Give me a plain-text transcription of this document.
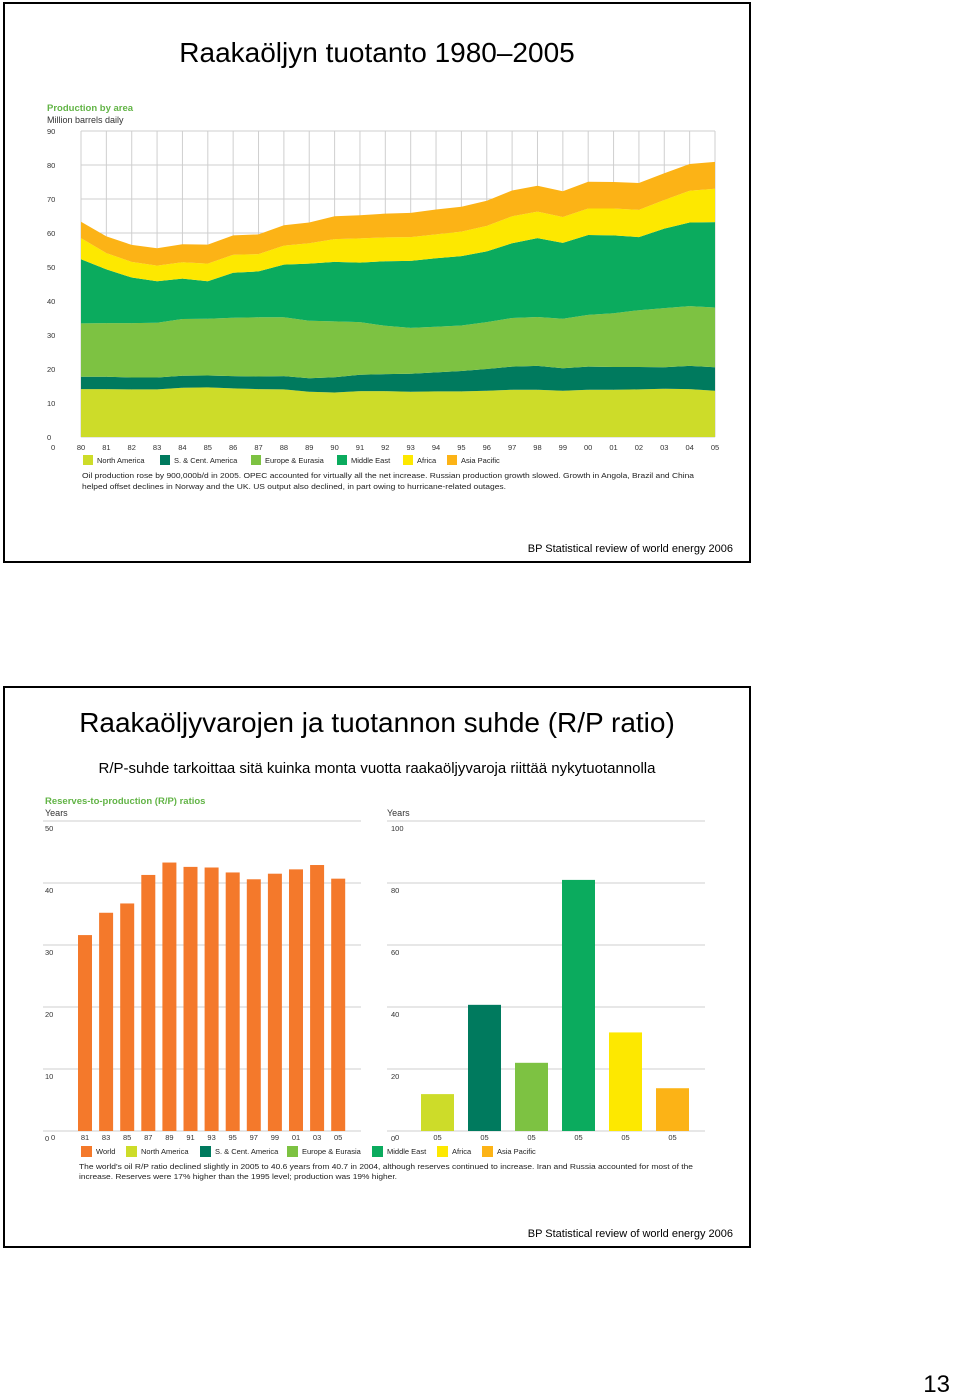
Raakaöljyn tuotanto 1980–2005
Production by area
Million barrels daily
0
10
20
30
40
50
60
70
80
90
80 81 82 83 84 85 86 87 88 89 90 91 92 93 94 95 96 97 98 99 00 01 02 03 04 05
0
North America	S. & Cent. America	Europe & Eurasia	Middle East	Africa	Asia Pacific
Oil production rose by 900,000b/d in 2005. OPEC accounted for virtually all the net increase. Russian production growth slowed. Growth in Angola, Brazil and China
helped offset declines in Norway and the UK. US output also declined, in part owing to hurricane-related outages.
BP Statistical review of world energy 2006
Raakaöljyvarojen ja tuotannon suhde (R/P ratio)
R/P-suhde tarkoittaa sitä kuinka monta vuotta raakaöljyvaroja riittää nykytuotannolla
Reserves-to-production (R/P) ratios
Years	Years
0
10
20
30
40
50
81 83 85 87 89 91 93 95 97 99 01 03 05
0	0
20
40
60
80
100
05	05	05	05	05	05
0
World	North America	S. & Cent. America	Europe & Eurasia	Middle East	Africa	Asia Pacific
The world's oil R/P ratio declined slightly in 2005 to 40.6 years from 40.7 in 2004, although reserves continued to increase. Iran and Russia accounted for most of the
increase. Reserves were 17% higher than the 1995 level; production was 19% higher.
BP Statistical review of world energy 2006
13
